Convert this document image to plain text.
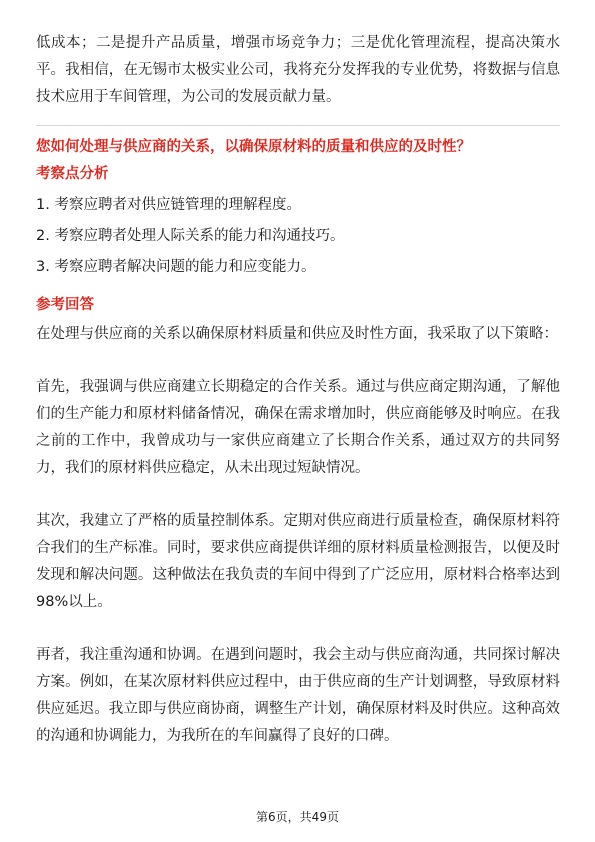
低成本；二是提升产品质量，增强市场竞争力；三是优化管理流程，提高决策水平。我相信，在无锡市太极实业公司，我将充分发挥我的专业优势，将数据与信息技术应用于车间管理，为公司的发展贡献力量。

您如何处理与供应商的关系，以确保原材料的质量和供应的及时性？

考察点分析
1. 考察应聘者对供应链管理的理解程度。
2. 考察应聘者处理人际关系的能力和沟通技巧。
3. 考察应聘者解决问题的能力和应变能力。
参考回答

在处理与供应商的关系以确保原材料质量和供应及时性方面，我采取了以下策略：

首先，我强调与供应商建立长期稳定的合作关系。通过与供应商定期沟通，了解他们的生产能力和原材料储备情况，确保在需求增加时，供应商能够及时响应。在我之前的工作中，我曾成功与一家供应商建立了长期合作关系，通过双方的共同努力，我们的原材料供应稳定，从未出现过短缺情况。

其次，我建立了严格的质量控制体系。定期对供应商进行质量检查，确保原材料符合我们的生产标准。同时，要求供应商提供详细的原材料质量检测报告，以便及时发现和解决问题。这种做法在我负责的车间中得到了广泛应用，原材料合格率达到98%以上。

再者，我注重沟通和协调。在遇到问题时，我会主动与供应商沟通，共同探讨解决方案。例如，在某次原材料供应过程中，由于供应商的生产计划调整，导致原材料供应延迟。我立即与供应商协商，调整生产计划，确保原材料及时供应。这种高效的沟通和协调能力，为我所在的车间赢得了良好的口碑。

第6页，共49页
